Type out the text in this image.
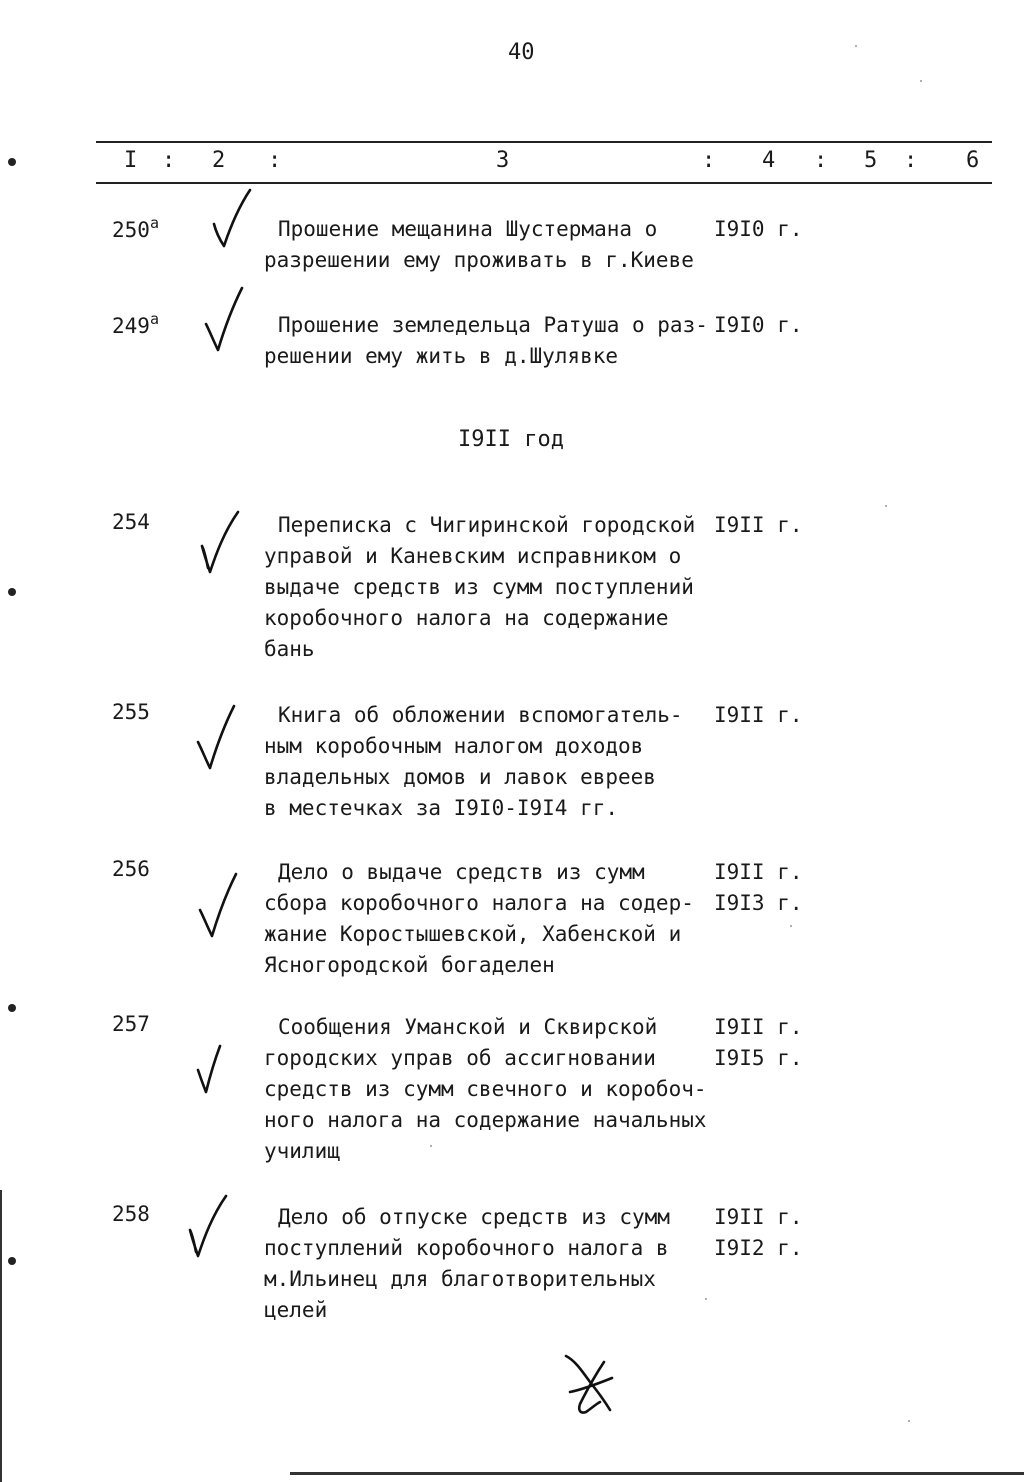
40
I : 2 :	3	: 4 : 5 : 6
I9II год
$250^а$	Прошение мещанина Шустермана о
разрешении ему проживать в г.Киеве
I9I0 г.
$249^а$	Прошение земледельца Ратуша о раз-
решении ему жить в д.Шулявке
I9I0 г.
254	Переписка с Чигиринской городской
управой и Каневским исправником о
выдаче средств из сумм поступлений
коробочного налога на содержание
бань
I9II г.
255	Книга об обложении вспомогатель-
ным коробочным налогом доходов
владельных домов и лавок евреев
в местечках за I9I0-I9I4 гг.
I9II г.
256	Дело о выдаче средств из сумм
сбора коробочного налога на содер-
жание Коростышевской, Хабенской и
Ясногородской богаделен
I9II г.
I9I3 г.
257	Сообщения Уманской и Сквирской
городских управ об ассигновании
средств из сумм свечного и коробоч-
ного налога на содержание начальных
училищ
I9II г.
I9I5 г.
258	Дело об отпуске средств из сумм
поступлений коробочного налога в
м.Ильинец для благотворительных
целей
I9II г.
I9I2 г.
